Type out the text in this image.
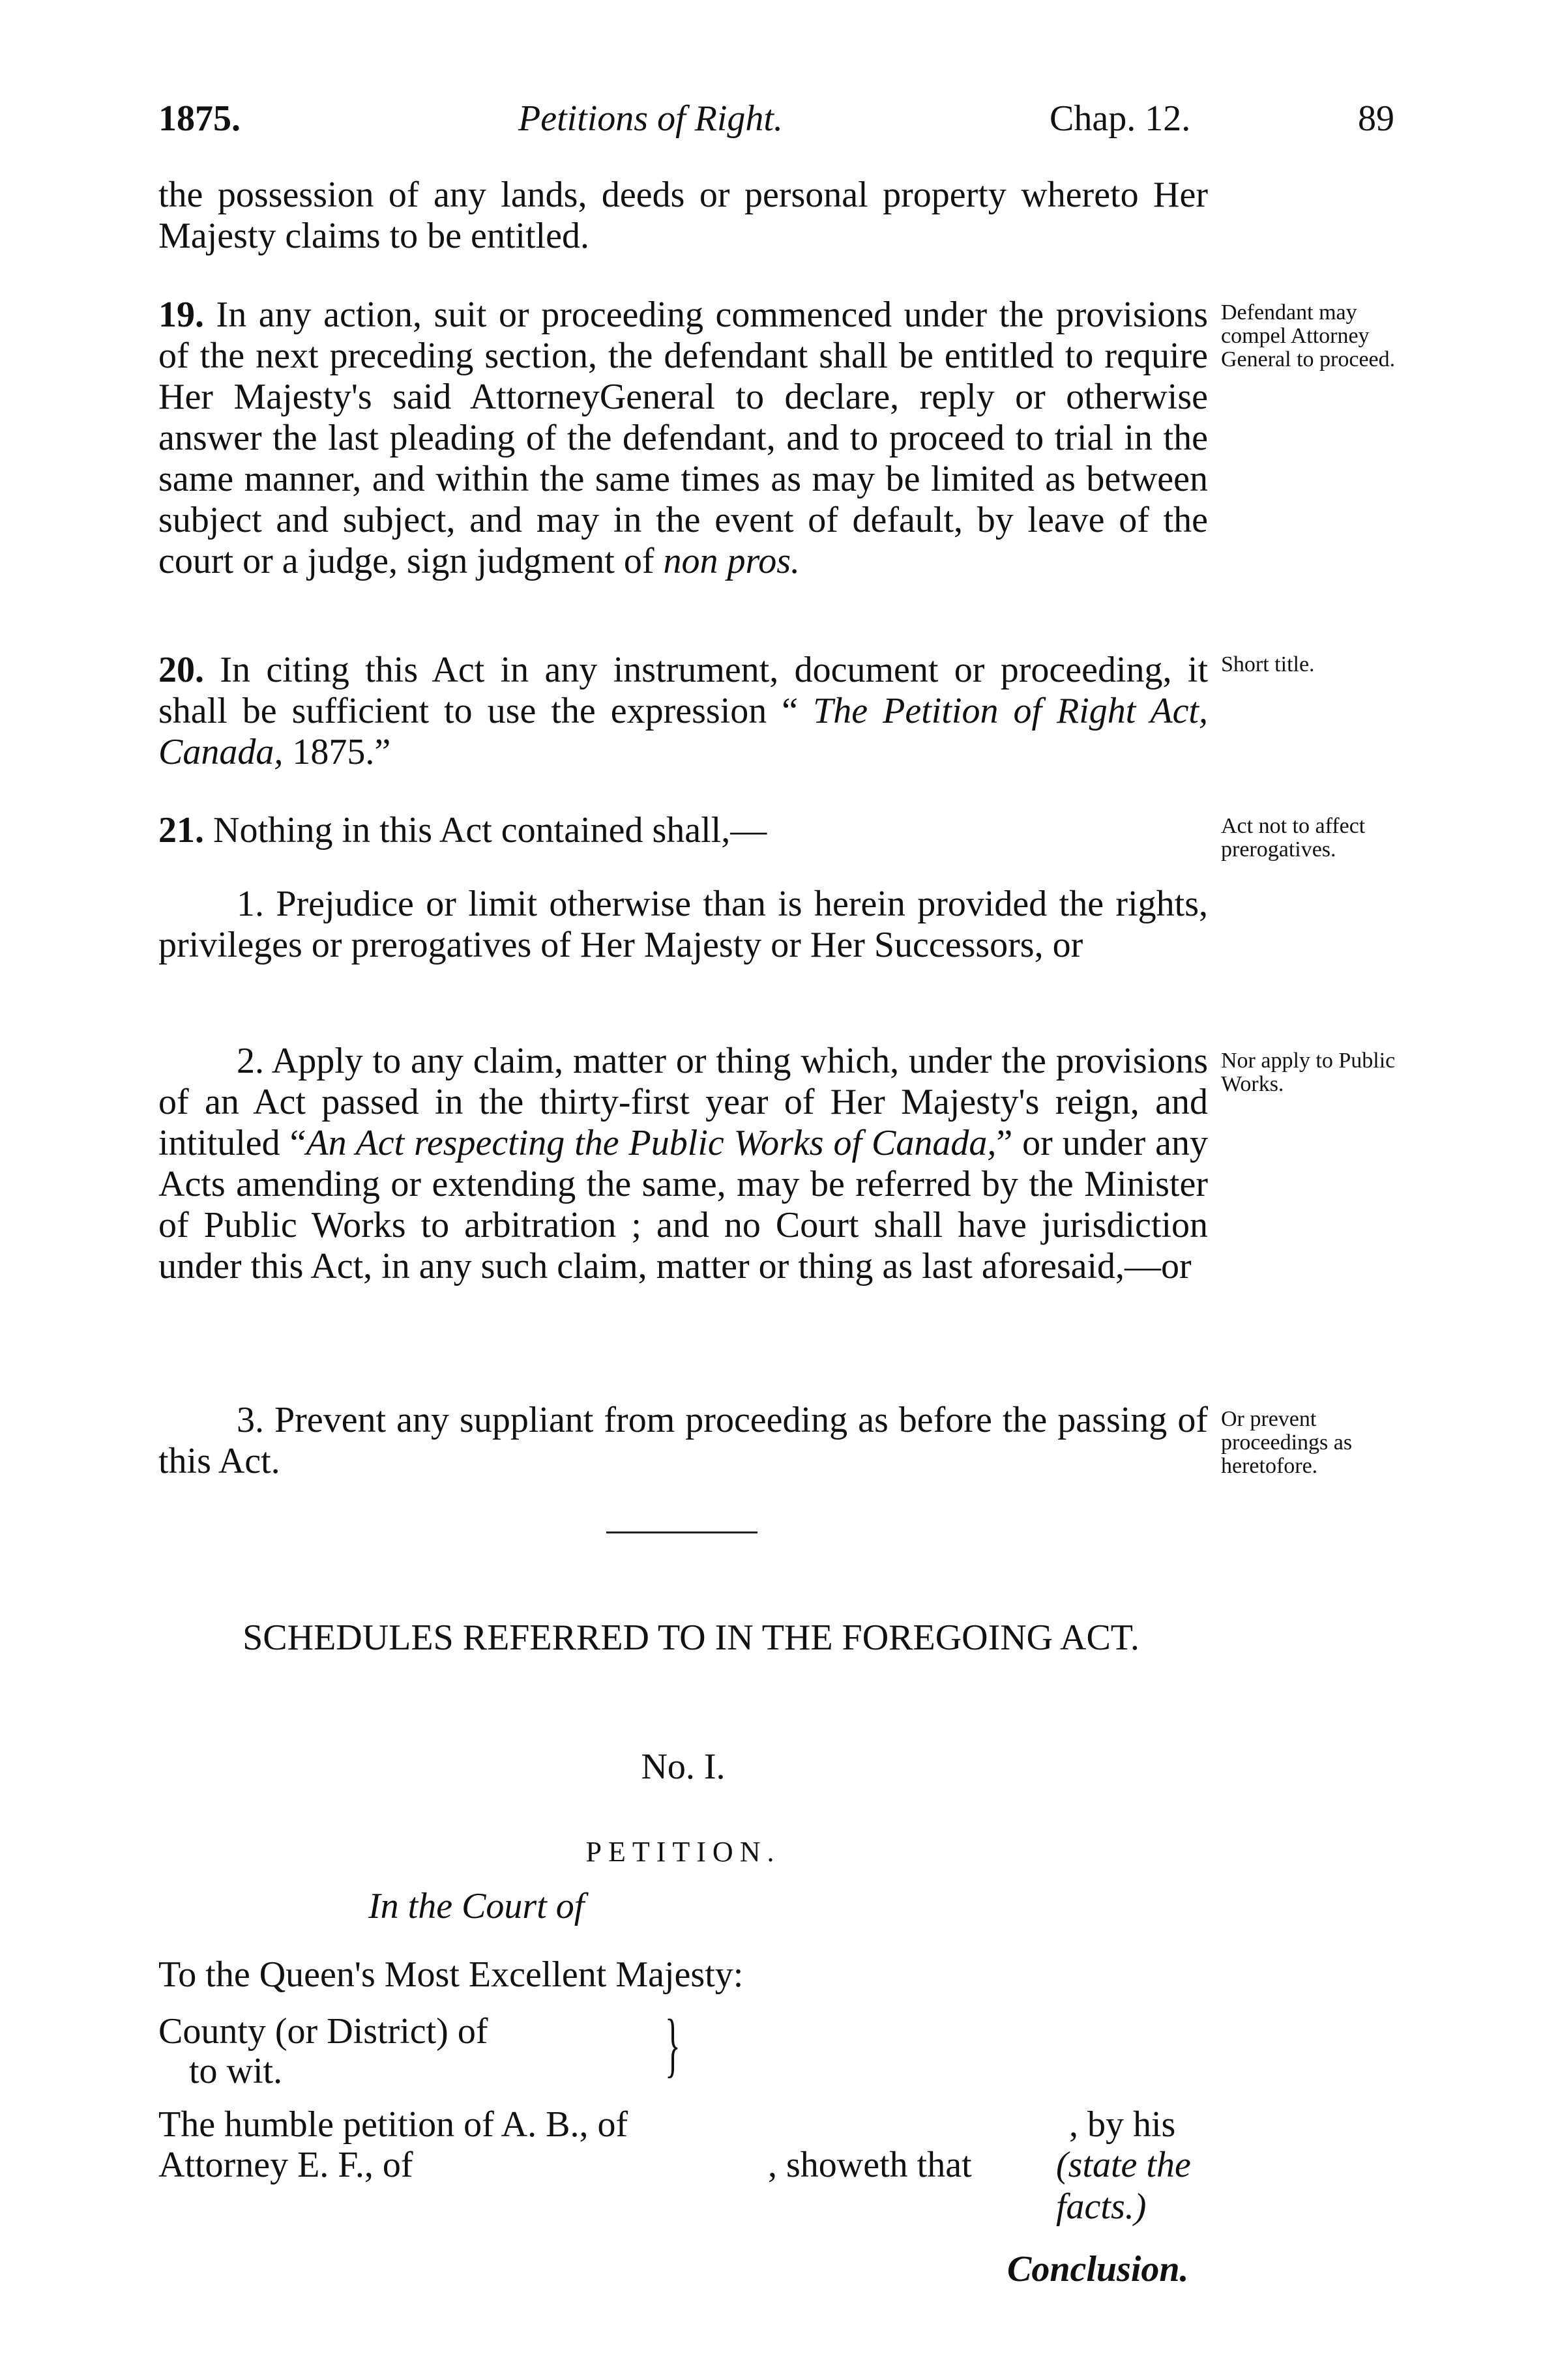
1875.	Petitions of Right.	Chap. 12.	89
the possession of any lands, deeds or personal property whereto Her Majesty claims to be entitled.
19. In any action, suit or proceeding commenced under the provisions of the next preceding section, the defendant shall be entitled to require Her Majesty's said AttorneyGeneral to declare, reply or otherwise answer the last pleading of the defendant, and to proceed to trial in the same manner, and within the same times as may be limited as between subject and subject, and may in the event of default, by leave of the court or a judge, sign judgment of non pros.
Defendant may compel Attorney General to proceed.
20. In citing this Act in any instrument, document or proceeding, it shall be sufficient to use the expression “ The Petition of Right Act, Canada, 1875.”
Short title.
21. Nothing in this Act contained shall,—	Act not to affect prerogatives.
1. Prejudice or limit otherwise than is herein provided the rights, privileges or prerogatives of Her Majesty or Her Successors, or
2. Apply to any claim, matter or thing which, under the provisions of an Act passed in the thirty-first year of Her Majesty's reign, and intituled “An Act respecting the Public Works of Canada,” or under any Acts amending or extending the same, may be referred by the Minister of Public Works to arbitration ; and no Court shall have jurisdiction under this Act, in any such claim, matter or thing as last aforesaid,—or
Nor apply to Public Works.
3. Prevent any suppliant from proceeding as before the passing of this Act.
Or prevent proceedings as heretofore.
SCHEDULES REFERRED TO IN THE FOREGOING ACT.
No. I.
PETITION.
In the Court of
To the Queen's Most Excellent Majesty:
County (or District) of
to wit.	}
The humble petition of A. B., of	, by his
Attorney E. F., of	, showeth that (state the facts.)
Conclusion.
